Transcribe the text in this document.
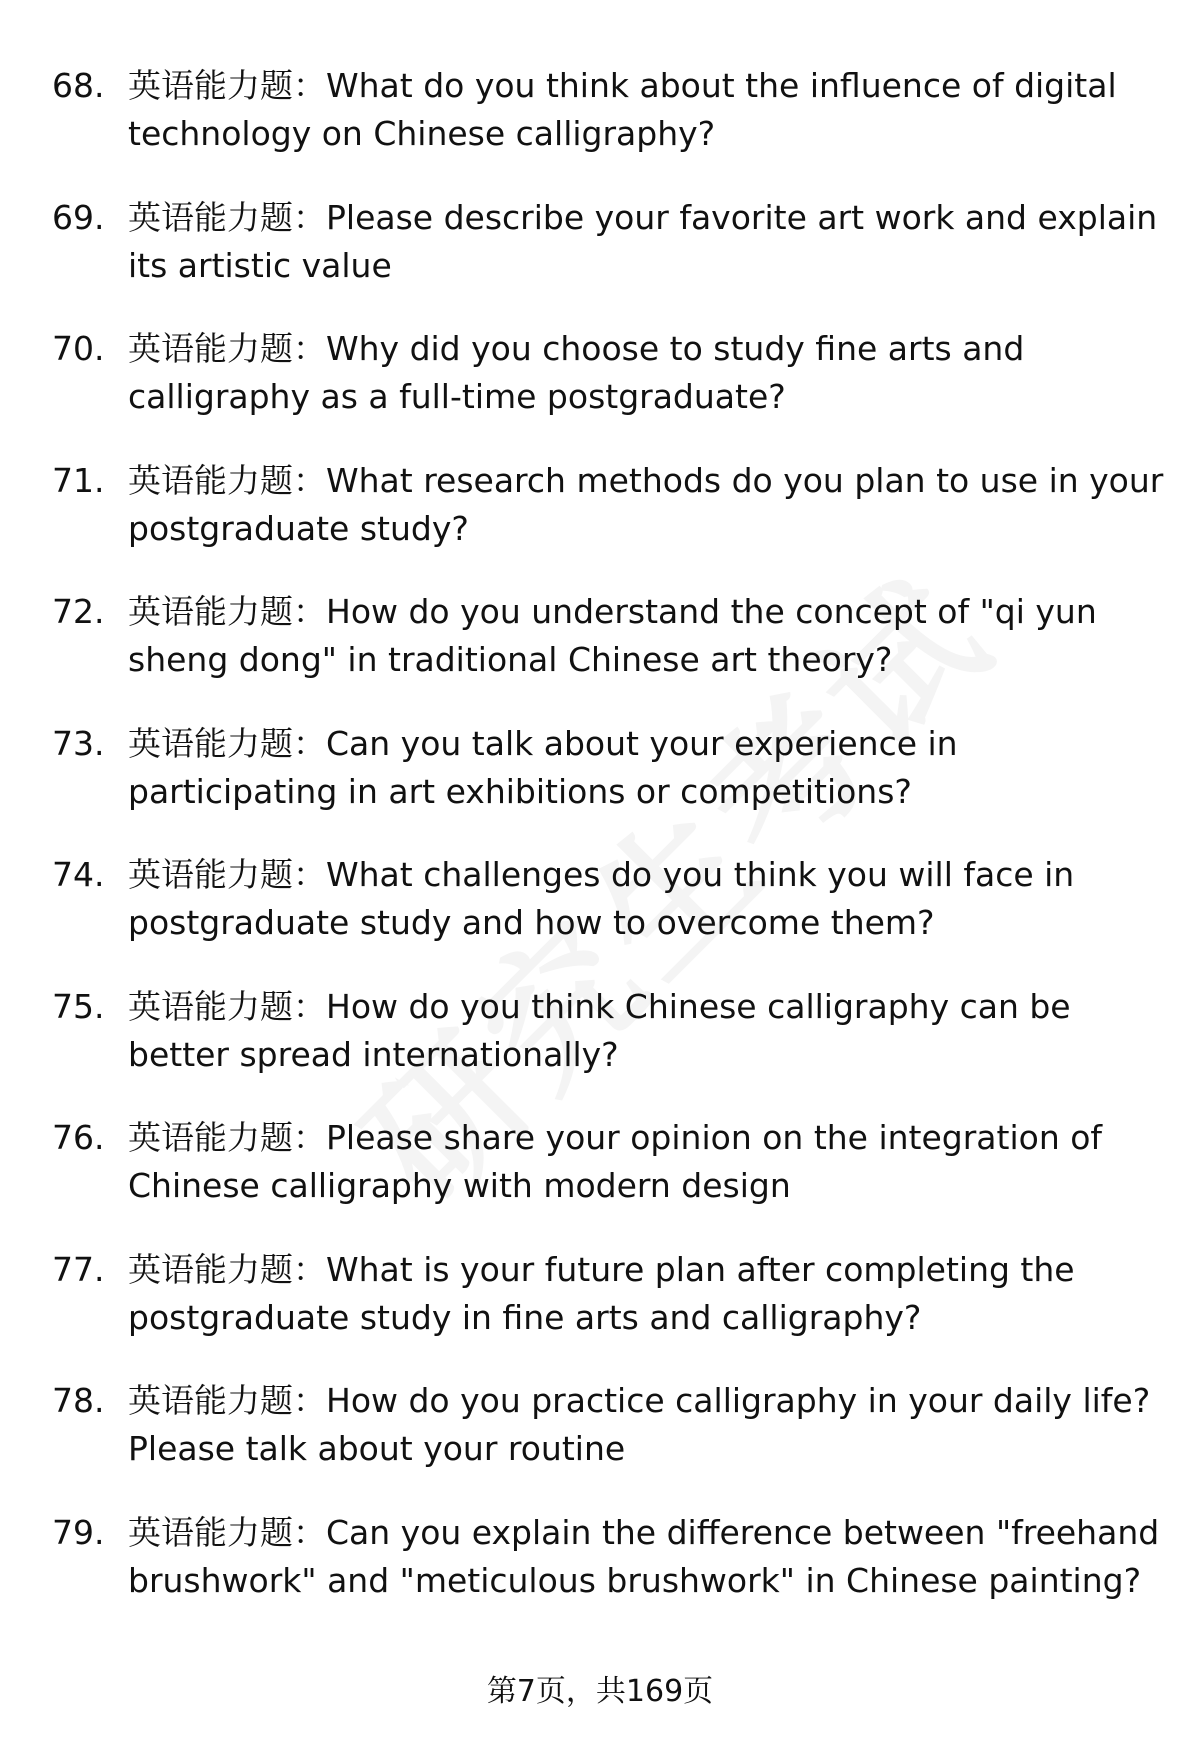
68. 英语能力题：What do you think about the influence of digital technology on Chinese calligraphy?
69. 英语能力题：Please describe your favorite art work and explain its artistic value
70. 英语能力题：Why did you choose to study fine arts and calligraphy as a full-time postgraduate?
71. 英语能力题：What research methods do you plan to use in your postgraduate study?
72. 英语能力题：How do you understand the concept of "qi yun sheng dong" in traditional Chinese art theory?
73. 英语能力题：Can you talk about your experience in participating in art exhibitions or competitions?
74. 英语能力题：What challenges do you think you will face in postgraduate study and how to overcome them?
75. 英语能力题：How do you think Chinese calligraphy can be better spread internationally?
76. 英语能力题：Please share your opinion on the integration of Chinese calligraphy with modern design
77. 英语能力题：What is your future plan after completing the postgraduate study in fine arts and calligraphy?
78. 英语能力题：How do you practice calligraphy in your daily life? Please talk about your routine
79. 英语能力题：Can you explain the difference between "freehand brushwork" and "meticulous brushwork" in Chinese painting?
第7页，共169页
